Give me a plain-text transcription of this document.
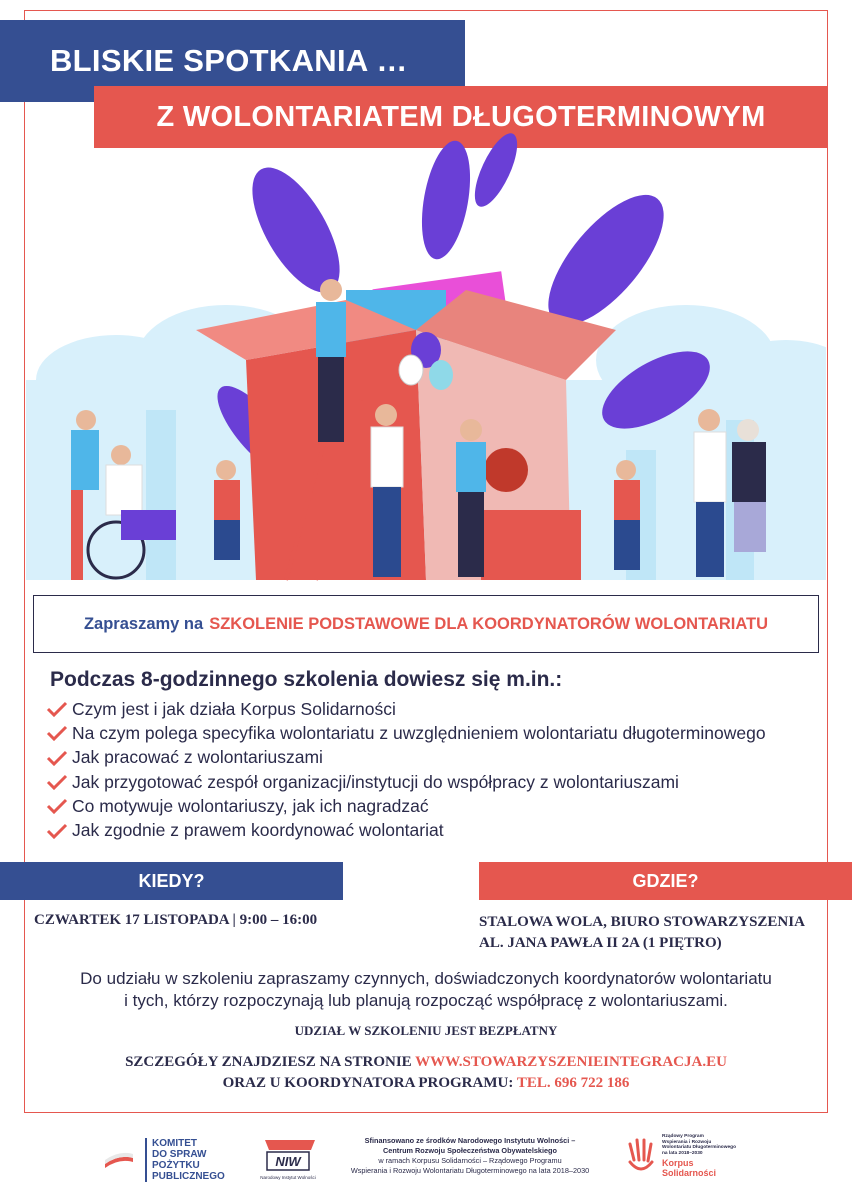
BLISKIE SPOTKANIA …
Z WOLONTARIATEM DŁUGOTERMINOWYM
Zapraszamy na SZKOLENIE PODSTAWOWE DLA KOORDYNATORÓW WOLONTARIATU
Podczas 8-godzinnego szkolenia dowiesz się m.in.:
Czym jest i jak działa Korpus Solidarności
Na czym polega specyfika wolontariatu z uwzględnieniem wolontariatu długoterminowego
Jak pracować z wolontariuszami
Jak przygotować zespół organizacji/instytucji do współpracy z wolontariuszami
Co motywuje wolontariuszy, jak ich nagradzać
Jak zgodnie z prawem koordynować wolontariat
KIEDY?	GDZIE?
CZWARTEK 17 LISTOPADA | 9:00 – 16:00	STALOWA WOLA, BIURO STOWARZYSZENIA
AL. JANA PAWŁA II 2A (1 PIĘTRO)
Do udziału w szkoleniu zapraszamy czynnych, doświadczonych koordynatorów wolontariatu
i tych, którzy rozpoczynają lub planują rozpocząć współpracę z wolontariuszami.
UDZIAŁ W SZKOLENIU JEST BEZPŁATNY
SZCZEGÓŁY ZNAJDZIESZ NA STRONIE WWW.STOWARZYSZENIEINTEGRACJA.EU
ORAZ U KOORDYNATORA PROGRAMU: TEL. 696 722 186
KOMITET
DO SPRAW
POŻYTKU
PUBLICZNEGO
NIW
Narodowy Instytut Wolności
Sfinansowano ze środków Narodowego Instytutu Wolności –
Centrum Rozwoju Społeczeństwa Obywatelskiego
w ramach Korpusu Solidarności – Rządowego Programu
Wspierania i Rozwoju Wolontariatu Długoterminowego na lata 2018–2030
Rządowy Program
Wspierania i Rozwoju
Wolontariatu Długoterminowego
na lata 2018–2030
Korpus
Solidarności
